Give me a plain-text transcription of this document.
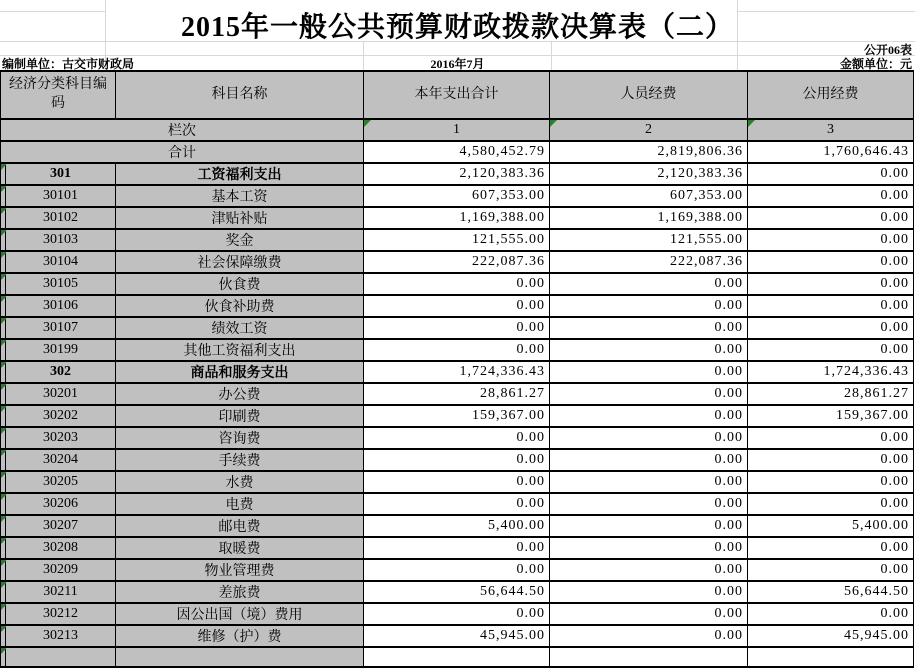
2015年一般公共预算财政拨款决算表（二）
公开06表
编制单位：古交市财政局	2016年7月	金额单位：元
经济分类科目编码		科目名称	本年支出合计	人员经费	公用经费
栏次			1	2	3
合计			4,580,452.79	2,819,806.36	1,760,646.43

	301	工资福利支出	2,120,383.36	2,120,383.36	0.00

	30101	基本工资	607,353.00	607,353.00	0.00

	30102	津贴补贴	1,169,388.00	1,169,388.00	0.00

	30103	奖金	121,555.00	121,555.00	0.00

	30104	社会保障缴费	222,087.36	222,087.36	0.00

	30105	伙食费	0.00	0.00	0.00

	30106	伙食补助费	0.00	0.00	0.00

	30107	绩效工资	0.00	0.00	0.00

	30199	其他工资福利支出	0.00	0.00	0.00

	302	商品和服务支出	1,724,336.43	0.00	1,724,336.43

	30201	办公费	28,861.27	0.00	28,861.27

	30202	印刷费	159,367.00	0.00	159,367.00

	30203	咨询费	0.00	0.00	0.00

	30204	手续费	0.00	0.00	0.00

	30205	水费	0.00	0.00	0.00

	30206	电费	0.00	0.00	0.00

	30207	邮电费	5,400.00	0.00	5,400.00

	30208	取暖费	0.00	0.00	0.00

	30209	物业管理费	0.00	0.00	0.00

	30211	差旅费	56,644.50	0.00	56,644.50

	30212	因公出国（境）费用	0.00	0.00	0.00

	30213	维修（护）费	45,945.00	0.00	45,945.00
